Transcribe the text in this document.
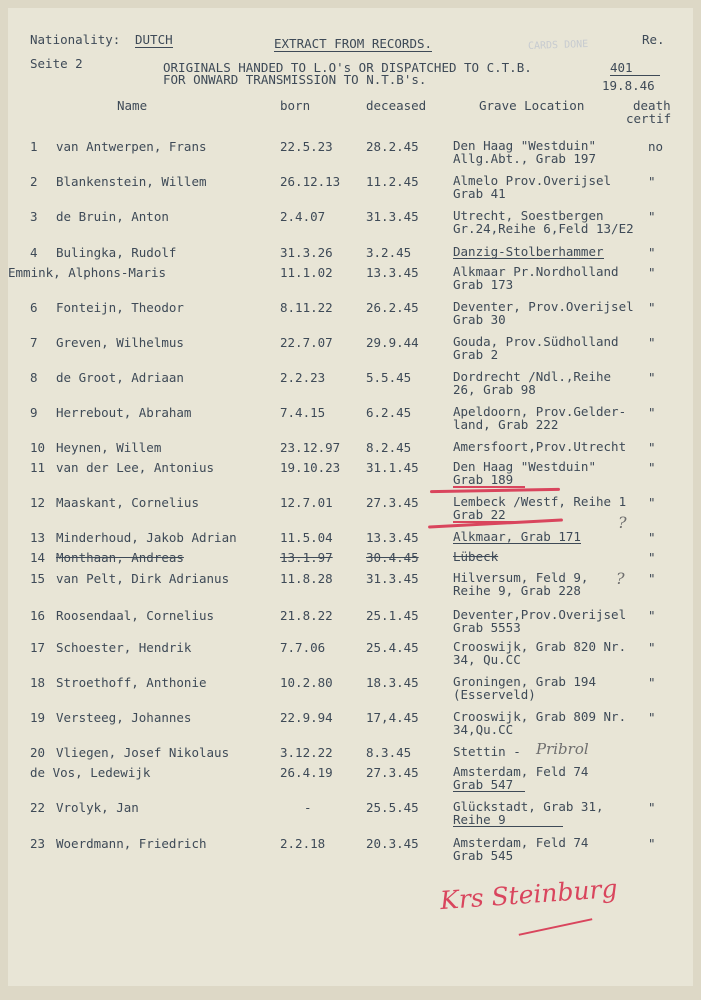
Nationality: DUTCH	EXTRACT FROM RECORDS.	Re.
CARDS DONE
Seite 2	ORIGINALS HANDED TO L.O's OR DISPATCHED TO C.T.B.
FOR ONWARD TRANSMISSION TO N.T.B's.
401
19.8.46
Name	born	deceased	Grave Location	death
certif
1 van Antwerpen, Frans	22.5.23	28.2.45	Den Haag "Westduin"
Allg.Abt., Grab 197
no
2 Blankenstein, Willem	26.12.13 11.2.45	Almelo Prov.Overijsel
Grab 41
"
3 de Bruin, Anton	2.4.07	31.3.45	Utrecht, Soestbergen
Gr.24,Reihe 6,Feld 13/E2
"
4 Bulingka, Rudolf	31.3.26	3.2.45	Danzig-Stolberhammer	"
Emmink, Alphons-Maris	11.1.02	13.3.45	Alkmaar Pr.Nordholland
Grab 173
"
6 Fonteijn, Theodor	8.11.22	26.2.45	Deventer, Prov.Overijsel
Grab 30
"
7 Greven, Wilhelmus	22.7.07	29.9.44	Gouda, Prov.Südholland
Grab 2
"
8 de Groot, Adriaan	2.2.23	5.5.45	Dordrecht /Ndl.,Reihe
26, Grab 98
"
9 Herrebout, Abraham	7.4.15	6.2.45	Apeldoorn, Prov.Gelder-
land, Grab 222
"
10 Heynen, Willem	23.12.97 8.2.45	Amersfoort,Prov.Utrecht "
11 van der Lee, Antonius	19.10.23 31.1.45	Den Haag "Westduin"
Grab 189
"
12 Maaskant, Cornelius	12.7.01	27.3.45	Lembeck /Westf, Reihe 1
Grab 22
"
13 Minderhoud, Jakob Adrian	11.5.04	13.3.45	Alkmaar, Grab 171	"
14 Monthaan, Andreas	13.1.97	30.4.45	Lübeck	"
15 van Pelt, Dirk Adrianus	11.8.28	31.3.45	Hilversum, Feld 9,
Reihe 9, Grab 228
"
16 Roosendaal, Cornelius	21.8.22	25.1.45	Deventer,Prov.Overijsel
Grab 5553
"
17 Schoester, Hendrik	7.7.06	25.4.45	Crooswijk, Grab 820 Nr.
34, Qu.CC
"
18 Stroethoff, Anthonie	10.2.80	18.3.45	Groningen, Grab 194
(Esserveld)
"
19 Versteeg, Johannes	22.9.94	17,4.45	Crooswijk, Grab 809 Nr.
34,Qu.CC
"
20 Vliegen, Josef Nikolaus	3.12.22	8.3.45	Stettin -
de Vos, Ledewijk	26.4.19	27.3.45	Amsterdam, Feld 74
Grab 547
22 Vrolyk, Jan	-	25.5.45	Glückstadt, Grab 31,
Reihe 9
"
23 Woerdmann, Friedrich	2.2.18	20.3.45	Amsterdam, Feld 74
Grab 545
"
?
?
Pribrol
Krs Steinburg
